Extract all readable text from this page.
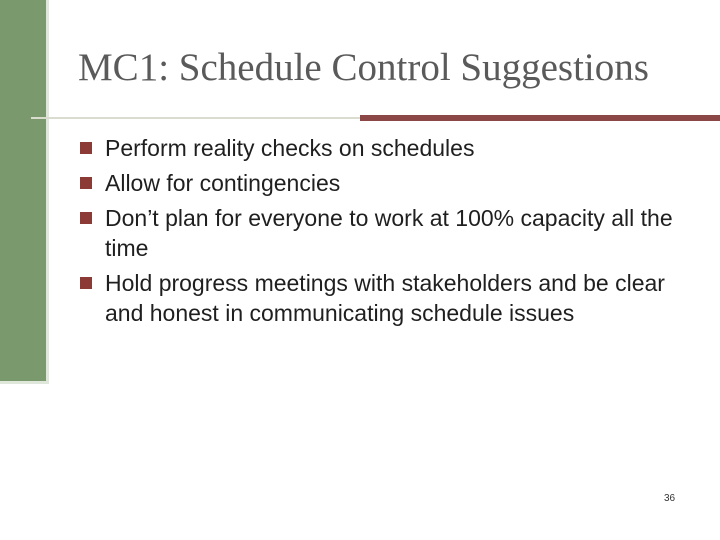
MC1: Schedule Control Suggestions
Perform reality checks on schedules
Allow for contingencies
Don’t plan for everyone to work at 100% capacity all the time
Hold progress meetings with stakeholders and be clear and honest in communicating schedule issues
36
